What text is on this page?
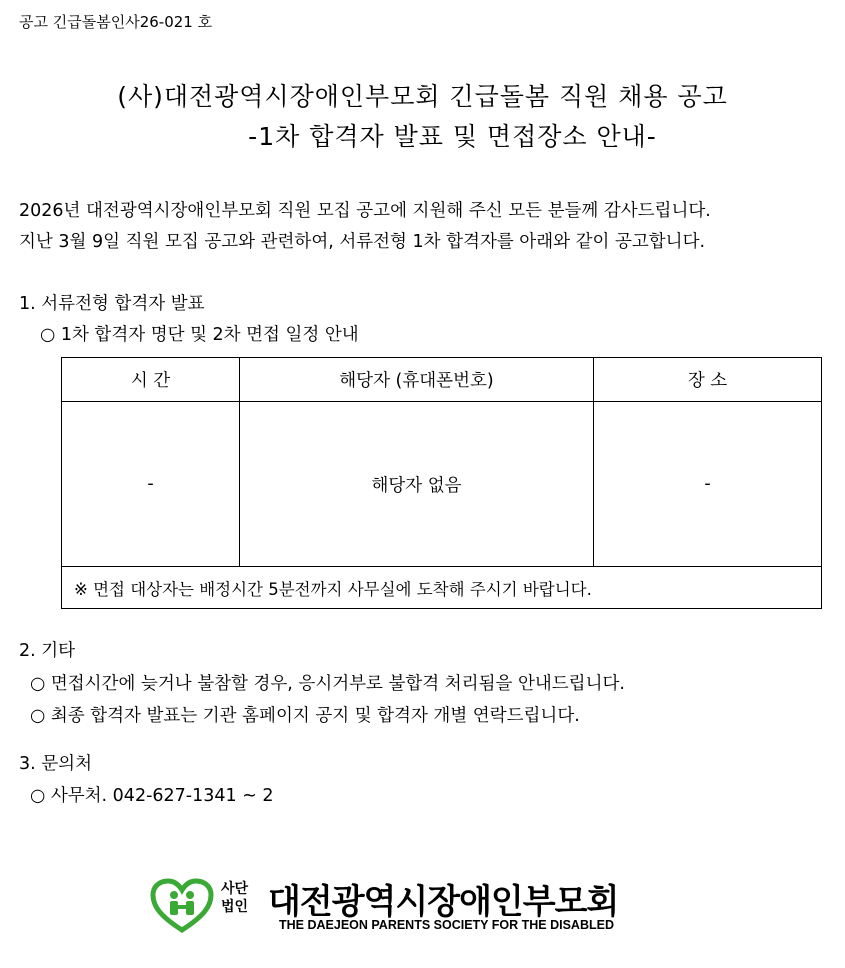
공고 긴급돌봄인사26-021 호
(사)대전광역시장애인부모회 긴급돌봄 직원 채용 공고
-1차 합격자 발표 및 면접장소 안내-
2026년 대전광역시장애인부모회 직원 모집 공고에 지원해 주신 모든 분들께 감사드립니다.
지난 3월 9일 직원 모집 공고와 관련하여, 서류전형 1차 합격자를 아래와 같이 공고합니다.
1. 서류전형 합격자 발표
○ 1차 합격자 명단 및 2차 면접 일정 안내
시 간	해당자 (휴대폰번호)	장 소
-	해당자 없음	-
※ 면접 대상자는 배정시간 5분전까지 사무실에 도착해 주시기 바랍니다.		
2. 기타
○ 면접시간에 늦거나 불참할 경우, 응시거부로 불합격 처리됨을 안내드립니다.
○ 최종 합격자 발표는 기관 홈페이지 공지 및 합격자 개별 연락드립니다.
3. 문의처
○ 사무처. 042-627-1341 ~ 2
사단
법인 대전광역시장애인부모회
THE DAEJEON PARENTS SOCIETY FOR THE DISABLED
